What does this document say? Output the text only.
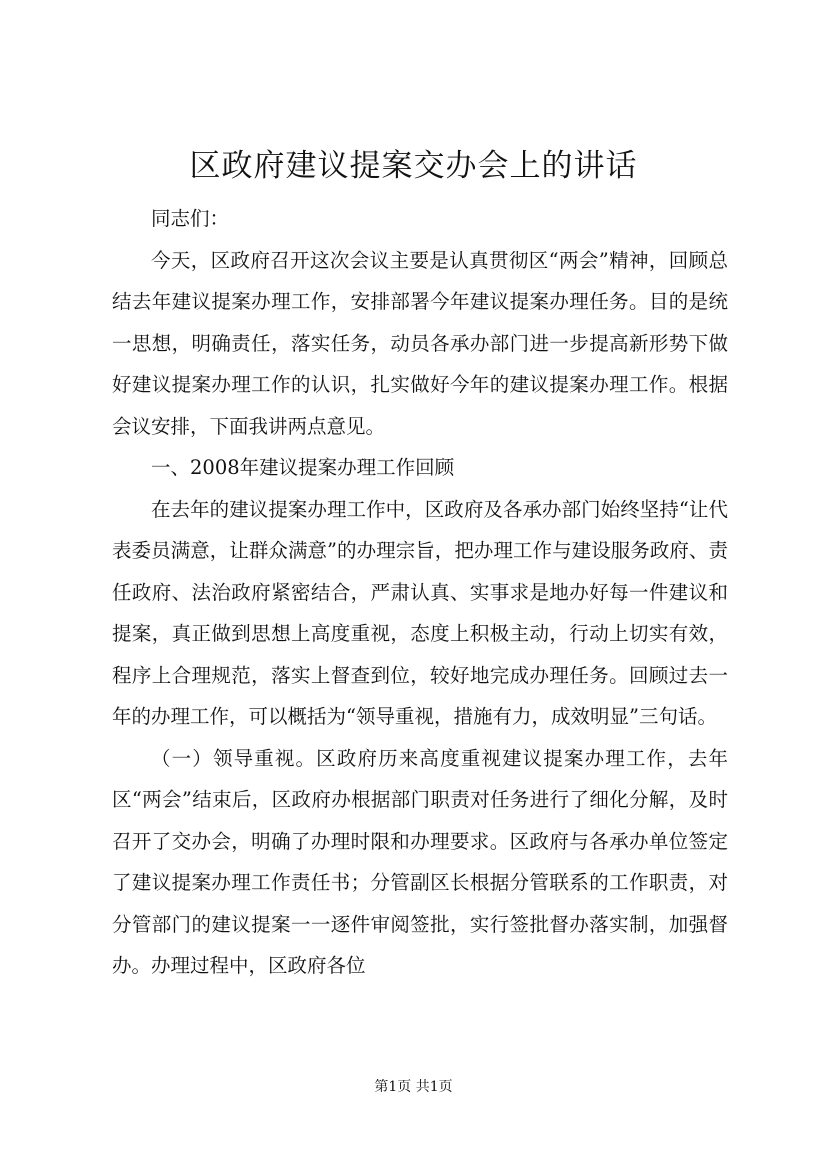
区政府建议提案交办会上的讲话

同志们：

今天，区政府召开这次会议主要是认真贯彻区“两会”精神，回顾总结去年建议提案办理工作，安排部署今年建议提案办理任务。目的是统一思想，明确责任，落实任务，动员各承办部门进一步提高新形势下做好建议提案办理工作的认识，扎实做好今年的建议提案办理工作。根据会议安排，下面我讲两点意见。

一、2008年建议提案办理工作回顾

在去年的建议提案办理工作中，区政府及各承办部门始终坚持“让代表委员满意，让群众满意”的办理宗旨，把办理工作与建设服务政府、责任政府、法治政府紧密结合，严肃认真、实事求是地办好每一件建议和提案，真正做到思想上高度重视，态度上积极主动，行动上切实有效，程序上合理规范，落实上督查到位，较好地完成办理任务。回顾过去一年的办理工作，可以概括为“领导重视，措施有力，成效明显”三句话。

（一）领导重视。区政府历来高度重视建议提案办理工作，去年区“两会”结束后，区政府办根据部门职责对任务进行了细化分解，及时召开了交办会，明确了办理时限和办理要求。区政府与各承办单位签定了建议提案办理工作责任书；分管副区长根据分管联系的工作职责，对分管部门的建议提案一一逐件审阅签批，实行签批督办落实制，加强督办。办理过程中，区政府各位

第1页 共1页
